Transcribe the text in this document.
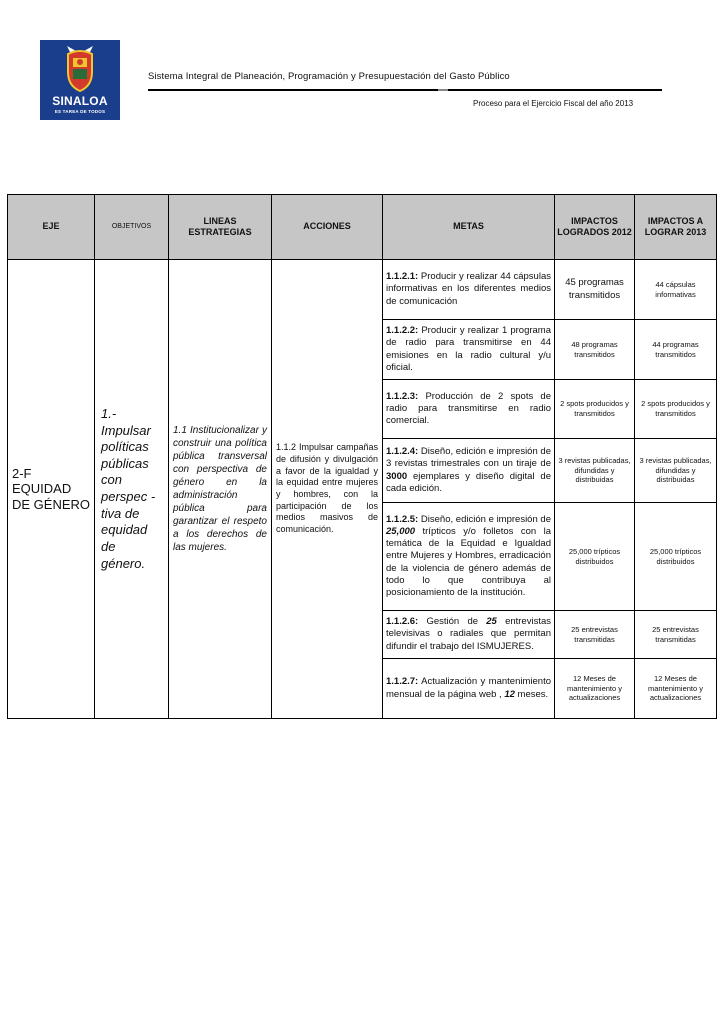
SINALOA
ES TAREA DE TODOS
Sistema Integral de Planeación, Programación y Presupuestación del Gasto Público
Proceso para el Ejercicio Fiscal del año 2013
EJE	OBJETIVOS	LINEAS ESTRATEGIAS	ACCIONES	METAS	IMPACTOS LOGRADOS 2012	IMPACTOS A LOGRAR 2013
2-F EQUIDAD DE GÉNERO	1.- Impulsar políticas públicas con perspec -tiva de equidad de género.	1.1 Institucionalizar y construir una política pública transversal con perspectiva de género en la administración pública para garantizar el respeto a los derechos de las mujeres.	1.1.2 Impulsar campañas de difusión y divulgación a favor de la igualdad y la equidad entre mujeres y hombres, con la participación de los medios masivos de comunicación.	1.1.2.1: Producir y realizar 44 cápsulas informativas en los diferentes medios de comunicación	45 programas transmitidos	44 cápsulas informativas
				1.1.2.2: Producir y realizar 1 programa de radio para transmitirse en 44 emisiones en la radio cultural y/u oficial.	48 programas transmitidos	44 programas transmitidos
				1.1.2.3: Producción de 2 spots de radio para transmitirse en radio comercial.	2 spots producidos y transmitidos	2 spots producidos y transmitidos
				1.1.2.4: Diseño, edición e impresión de 3 revistas trimestrales con un tiraje de 3000 ejemplares y diseño digital de cada edición.	3 revistas publicadas, difundidas y distribuidas	3 revistas publicadas, difundidas y distribuidas
				1.1.2.5: Diseño, edición e impresión de 25,000 trípticos y/o folletos con la temática de la Equidad e Igualdad entre Mujeres y Hombres, erradicación de la violencia de género además de todo lo que contribuya al posicionamiento de la institución.	25,000 trípticos distribuidos	25,000 trípticos distribuidos
				1.1.2.6: Gestión de 25 entrevistas televisivas o radiales que permitan difundir el trabajo del ISMUJERES.	25 entrevistas transmitidas	25 entrevistas transmitidas
				1.1.2.7: Actualización y mantenimiento mensual de la página web , 12 meses.	12 Meses de mantenimiento y actualizaciones	12 Meses de mantenimiento y actualizaciones
